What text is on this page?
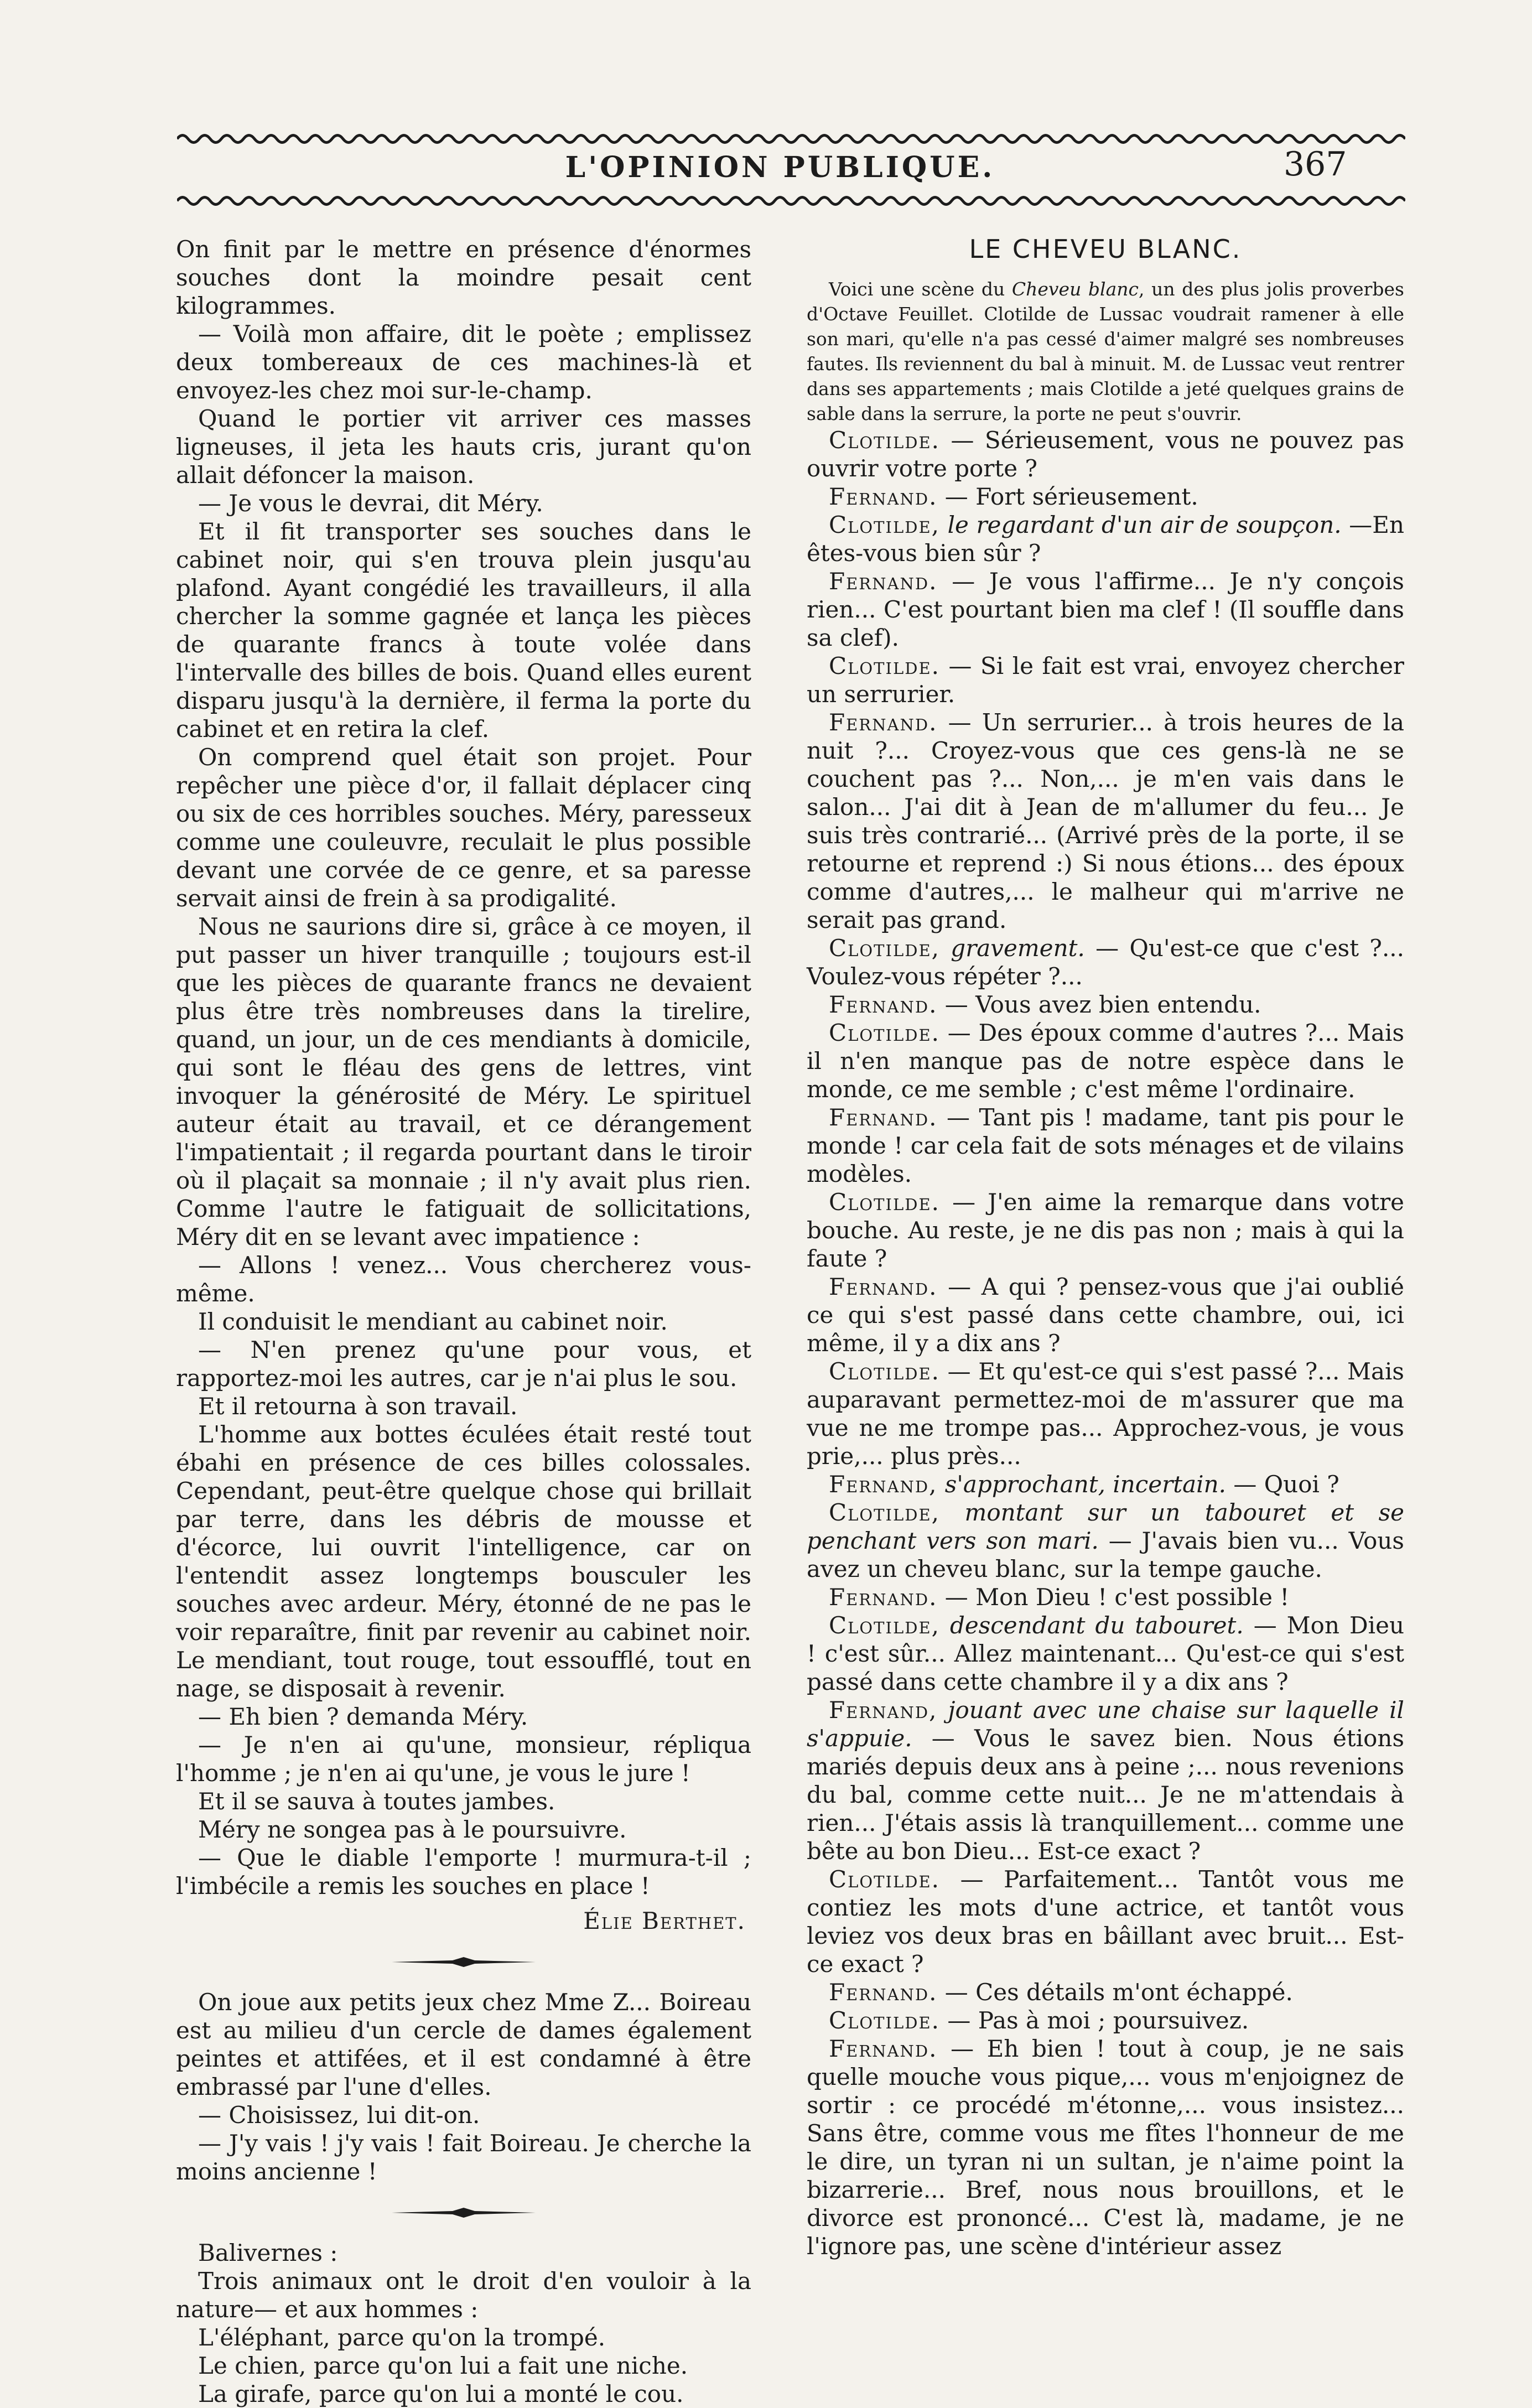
L'OPINION PUBLIQUE.	367

On finit par le mettre en présence d'énormes souches dont la moindre pesait cent kilogrammes.

— Voilà mon affaire, dit le poète ; emplissez deux tombereaux de ces machines-là et envoyez-les chez moi sur-le-champ.

Quand le portier vit arriver ces masses ligneuses, il jeta les hauts cris, jurant qu'on allait défoncer la maison.

— Je vous le devrai, dit Méry.

Et il fit transporter ses souches dans le cabinet noir, qui s'en trouva plein jusqu'au plafond. Ayant congédié les travailleurs, il alla chercher la somme gagnée et lança les pièces de quarante francs à toute volée dans l'intervalle des billes de bois. Quand elles eurent disparu jusqu'à la dernière, il ferma la porte du cabinet et en retira la clef.

On comprend quel était son projet. Pour repêcher une pièce d'or, il fallait déplacer cinq ou six de ces horribles souches. Méry, paresseux comme une couleuvre, reculait le plus possible devant une corvée de ce genre, et sa paresse servait ainsi de frein à sa prodigalité.

Nous ne saurions dire si, grâce à ce moyen, il put passer un hiver tranquille ; toujours est-il que les pièces de quarante francs ne devaient plus être très nombreuses dans la tirelire, quand, un jour, un de ces mendiants à domicile, qui sont le fléau des gens de lettres, vint invoquer la générosité de Méry. Le spirituel auteur était au travail, et ce dérangement l'impatientait ; il regarda pourtant dans le tiroir où il plaçait sa monnaie ; il n'y avait plus rien. Comme l'autre le fatiguait de sollicitations, Méry dit en se levant avec impatience :

— Allons ! venez... Vous chercherez vous-même.

Il conduisit le mendiant au cabinet noir.

— N'en prenez qu'une pour vous, et rapportez-moi les autres, car je n'ai plus le sou.

Et il retourna à son travail.

L'homme aux bottes éculées était resté tout ébahi en présence de ces billes colossales. Cependant, peut-être quelque chose qui brillait par terre, dans les débris de mousse et d'écorce, lui ouvrit l'intelligence, car on l'entendit assez longtemps bousculer les souches avec ardeur. Méry, étonné de ne pas le voir reparaître, finit par revenir au cabinet noir. Le mendiant, tout rouge, tout essoufflé, tout en nage, se disposait à revenir.

— Eh bien ? demanda Méry.

— Je n'en ai qu'une, monsieur, répliqua l'homme ; je n'en ai qu'une, je vous le jure !

Et il se sauva à toutes jambes.

Méry ne songea pas à le poursuivre.

— Que le diable l'emporte ! murmura-t-il ; l'imbécile a remis les souches en place !

Élie Berthet.

On joue aux petits jeux chez Mme Z... Boireau est au milieu d'un cercle de dames également peintes et attifées, et il est condamné à être embrassé par l'une d'elles.

— Choisissez, lui dit-on.

— J'y vais ! j'y vais ! fait Boireau. Je cherche la moins ancienne !

Balivernes :

Trois animaux ont le droit d'en vouloir à la nature— et aux hommes :

L'éléphant, parce qu'on la trompé.

Le chien, parce qu'on lui a fait une niche.

La girafe, parce qu'on lui a monté le cou.

LE CHEVEU BLANC.

Voici une scène du Cheveu blanc, un des plus jolis proverbes d'Octave Feuillet. Clotilde de Lussac voudrait ramener à elle son mari, qu'elle n'a pas cessé d'aimer malgré ses nombreuses fautes. Ils reviennent du bal à minuit. M. de Lussac veut rentrer dans ses appartements ; mais Clotilde a jeté quelques grains de sable dans la serrure, la porte ne peut s'ouvrir.

Clotilde. — Sérieusement, vous ne pouvez pas ouvrir votre porte ?

Fernand. — Fort sérieusement.

Clotilde, le regardant d'un air de soupçon. —En êtes-vous bien sûr ?

Fernand. — Je vous l'affirme... Je n'y conçois rien... C'est pourtant bien ma clef ! (Il souffle dans sa clef).

Clotilde. — Si le fait est vrai, envoyez chercher un serrurier.

Fernand. — Un serrurier... à trois heures de la nuit ?... Croyez-vous que ces gens-là ne se couchent pas ?... Non,... je m'en vais dans le salon... J'ai dit à Jean de m'allumer du feu... Je suis très contrarié... (Arrivé près de la porte, il se retourne et reprend :) Si nous étions... des époux comme d'autres,... le malheur qui m'arrive ne serait pas grand.

Clotilde, gravement. — Qu'est-ce que c'est ?... Voulez-vous répéter ?...

Fernand. — Vous avez bien entendu.

Clotilde. — Des époux comme d'autres ?... Mais il n'en manque pas de notre espèce dans le monde, ce me semble ; c'est même l'ordinaire.

Fernand. — Tant pis ! madame, tant pis pour le monde ! car cela fait de sots ménages et de vilains modèles.

Clotilde. — J'en aime la remarque dans votre bouche. Au reste, je ne dis pas non ; mais à qui la faute ?

Fernand. — A qui ? pensez-vous que j'ai oublié ce qui s'est passé dans cette chambre, oui, ici même, il y a dix ans ?

Clotilde. — Et qu'est-ce qui s'est passé ?... Mais auparavant permettez-moi de m'assurer que ma vue ne me trompe pas... Approchez-vous, je vous prie,... plus près...

Fernand, s'approchant, incertain. — Quoi ?

Clotilde, montant sur un tabouret et se penchant vers son mari. — J'avais bien vu... Vous avez un cheveu blanc, sur la tempe gauche.

Fernand. — Mon Dieu ! c'est possible !

Clotilde, descendant du tabouret. — Mon Dieu ! c'est sûr... Allez maintenant... Qu'est-ce qui s'est passé dans cette chambre il y a dix ans ?

Fernand, jouant avec une chaise sur laquelle il s'appuie. — Vous le savez bien. Nous étions mariés depuis deux ans à peine ;... nous revenions du bal, comme cette nuit... Je ne m'attendais à rien... J'étais assis là tranquillement... comme une bête au bon Dieu... Est-ce exact ?

Clotilde. — Parfaitement... Tantôt vous me contiez les mots d'une actrice, et tantôt vous leviez vos deux bras en bâillant avec bruit... Est-ce exact ?

Fernand. — Ces détails m'ont échappé.

Clotilde. — Pas à moi ; poursuivez.

Fernand. — Eh bien ! tout à coup, je ne sais quelle mouche vous pique,... vous m'enjoignez de sortir : ce procédé m'étonne,... vous insistez... Sans être, comme vous me fîtes l'honneur de me le dire, un tyran ni un sultan, je n'aime point la bizarrerie... Bref, nous nous brouillons, et le divorce est prononcé... C'est là, madame, je ne l'ignore pas, une scène d'intérieur assez
